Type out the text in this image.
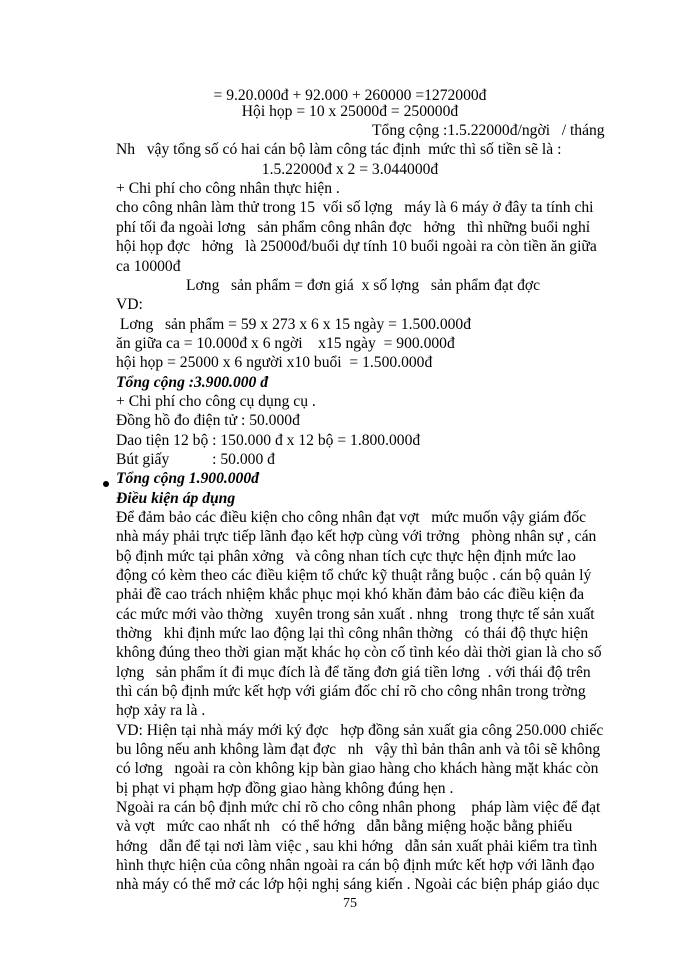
= 9.20.000đ + 92.000 + 260000 =1272000đ
Hội họp = 10 x 25000đ = 250000đ
Tổng cộng :1.5.22000đ/ngời   / tháng
Nh   vậy tổng số có hai cán bộ làm công tác định  mức thì số tiền sẽ là :
1.5.22000đ x 2 = 3.044000đ
+ Chi phí cho công nhân thực hiện .
cho công nhân làm thử trong 15  vối số lợng   máy là 6 máy ở đây ta tính chi
phí tối đa ngoài lơng   sản phẩm công nhân đợc   hởng   thì những buổi nghỉ
hội họp đợc   hởng   là 25000đ/buổi dự tính 10 buổi ngoài ra còn tiền ăn giữa
ca 10000đ
Lơng   sản phẩm = đơn giá  x số lợng   sản phẩm đạt đợc
VD:
Lơng   sản phẩm = 59 x 273 x 6 x 15 ngày = 1.500.000đ
ăn giữa ca = 10.000đ x 6 ngời    x15 ngày  = 900.000đ
hội họp = 25000 x 6 người x10 buổi  = 1.500.000đ
Tổng cộng :3.900.000 đ
+ Chi phí cho công cụ dụng cụ .
Đồng hồ đo điện tử : 50.000đ
Dao tiện 12 bộ : 150.000 đ x 12 bộ = 1.800.000đ
Bút giấy           : 50.000 đ
Tổng cộng 1.900.000đ
Điều kiện áp dụng
Để đảm bảo các điều kiện cho công nhân đạt vợt   mức muốn vậy giám đốc
nhà máy phải trực tiếp lãnh đạo kết hợp cùng với trởng   phòng nhân sự , cán
bộ định mức tại phân xởng   và công nhan tích cực thực hện định mức lao
động có kèm theo các điều kiệm tổ chức kỹ thuật rằng buộc . cán bộ quản lý
phải đề cao trách nhiệm khắc phục mọi khó khăn đảm bảo các điều kiện đa
các mức mới vào thờng   xuyên trong sản xuất . nhng   trong thực tế sản xuất
thờng   khi định mức lao động lại thì công nhân thờng   có thái độ thực hiện
không đúng theo thời gian mặt khác họ còn cố tình kéo dài thời gian là cho số
lợng   sản phẩm ít đi mục đích là để tăng đơn giá tiền lơng  . với thái độ trên
thì cán bộ định mức kết hợp với giám đốc chỉ rõ cho công nhân trong trờng
hợp xảy ra là .
VD: Hiện tại nhà máy mới ký đợc   hợp đồng sản xuất gia công 250.000 chiếc
bu lông nếu anh không làm đạt đợc   nh   vậy thì bản thân anh và tôi sẽ không
có lơng   ngoài ra còn không kịp bàn giao hàng cho khách hàng mặt khác còn
bị phạt vi phạm hợp đồng giao hàng không đúng hẹn .
Ngoài ra cán bộ định mức chỉ rõ cho công nhân phong    pháp làm việc để đạt
và vợt   mức cao nhất nh   có thể hớng   dẫn bằng miệng hoặc bằng phiếu
hớng   dẫn để tại nơi làm việc , sau khi hớng   dẫn sản xuất phải kiểm tra tình
hình thực hiện của công nhân ngoài ra cán bộ định mức kết hợp với lãnh đạo
nhà máy có thể mở các lớp hội nghị sáng kiến . Ngoài các biện pháp giáo dục
75
